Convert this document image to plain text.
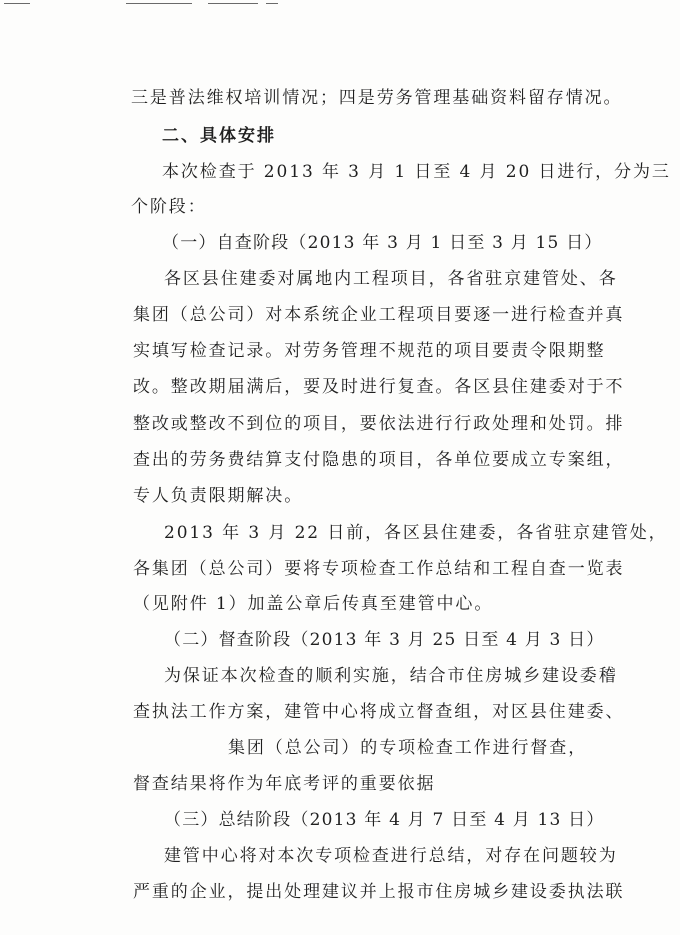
三是普法维权培训情况；四是劳务管理基础资料留存情况。
二、具体安排
本次检查于 2013 年 3 月 1 日至 4 月 20 日进行，分为三
个阶段：
（一）自查阶段（2013 年 3 月 1 日至 3 月 15 日）
各区县住建委对属地内工程项目，各省驻京建管处、各
集团（总公司）对本系统企业工程项目要逐一进行检查并真
实填写检查记录。对劳务管理不规范的项目要责令限期整
改。整改期届满后，要及时进行复查。各区县住建委对于不
整改或整改不到位的项目，要依法进行行政处理和处罚。排
查出的劳务费结算支付隐患的项目，各单位要成立专案组，
专人负责限期解决。
2013 年 3 月 22 日前，各区县住建委，各省驻京建管处，
各集团（总公司）要将专项检查工作总结和工程自查一览表
（见附件 1）加盖公章后传真至建管中心。
（二）督查阶段（2013 年 3 月 25 日至 4 月 3 日）
为保证本次检查的顺利实施，结合市住房城乡建设委稽
查执法工作方案，建管中心将成立督查组，对区县住建委、
集团（总公司）的专项检查工作进行督查，
督查结果将作为年底考评的重要依据
（三）总结阶段（2013 年 4 月 7 日至 4 月 13 日）
建管中心将对本次专项检查进行总结，对存在问题较为
严重的企业，提出处理建议并上报市住房城乡建设委执法联
